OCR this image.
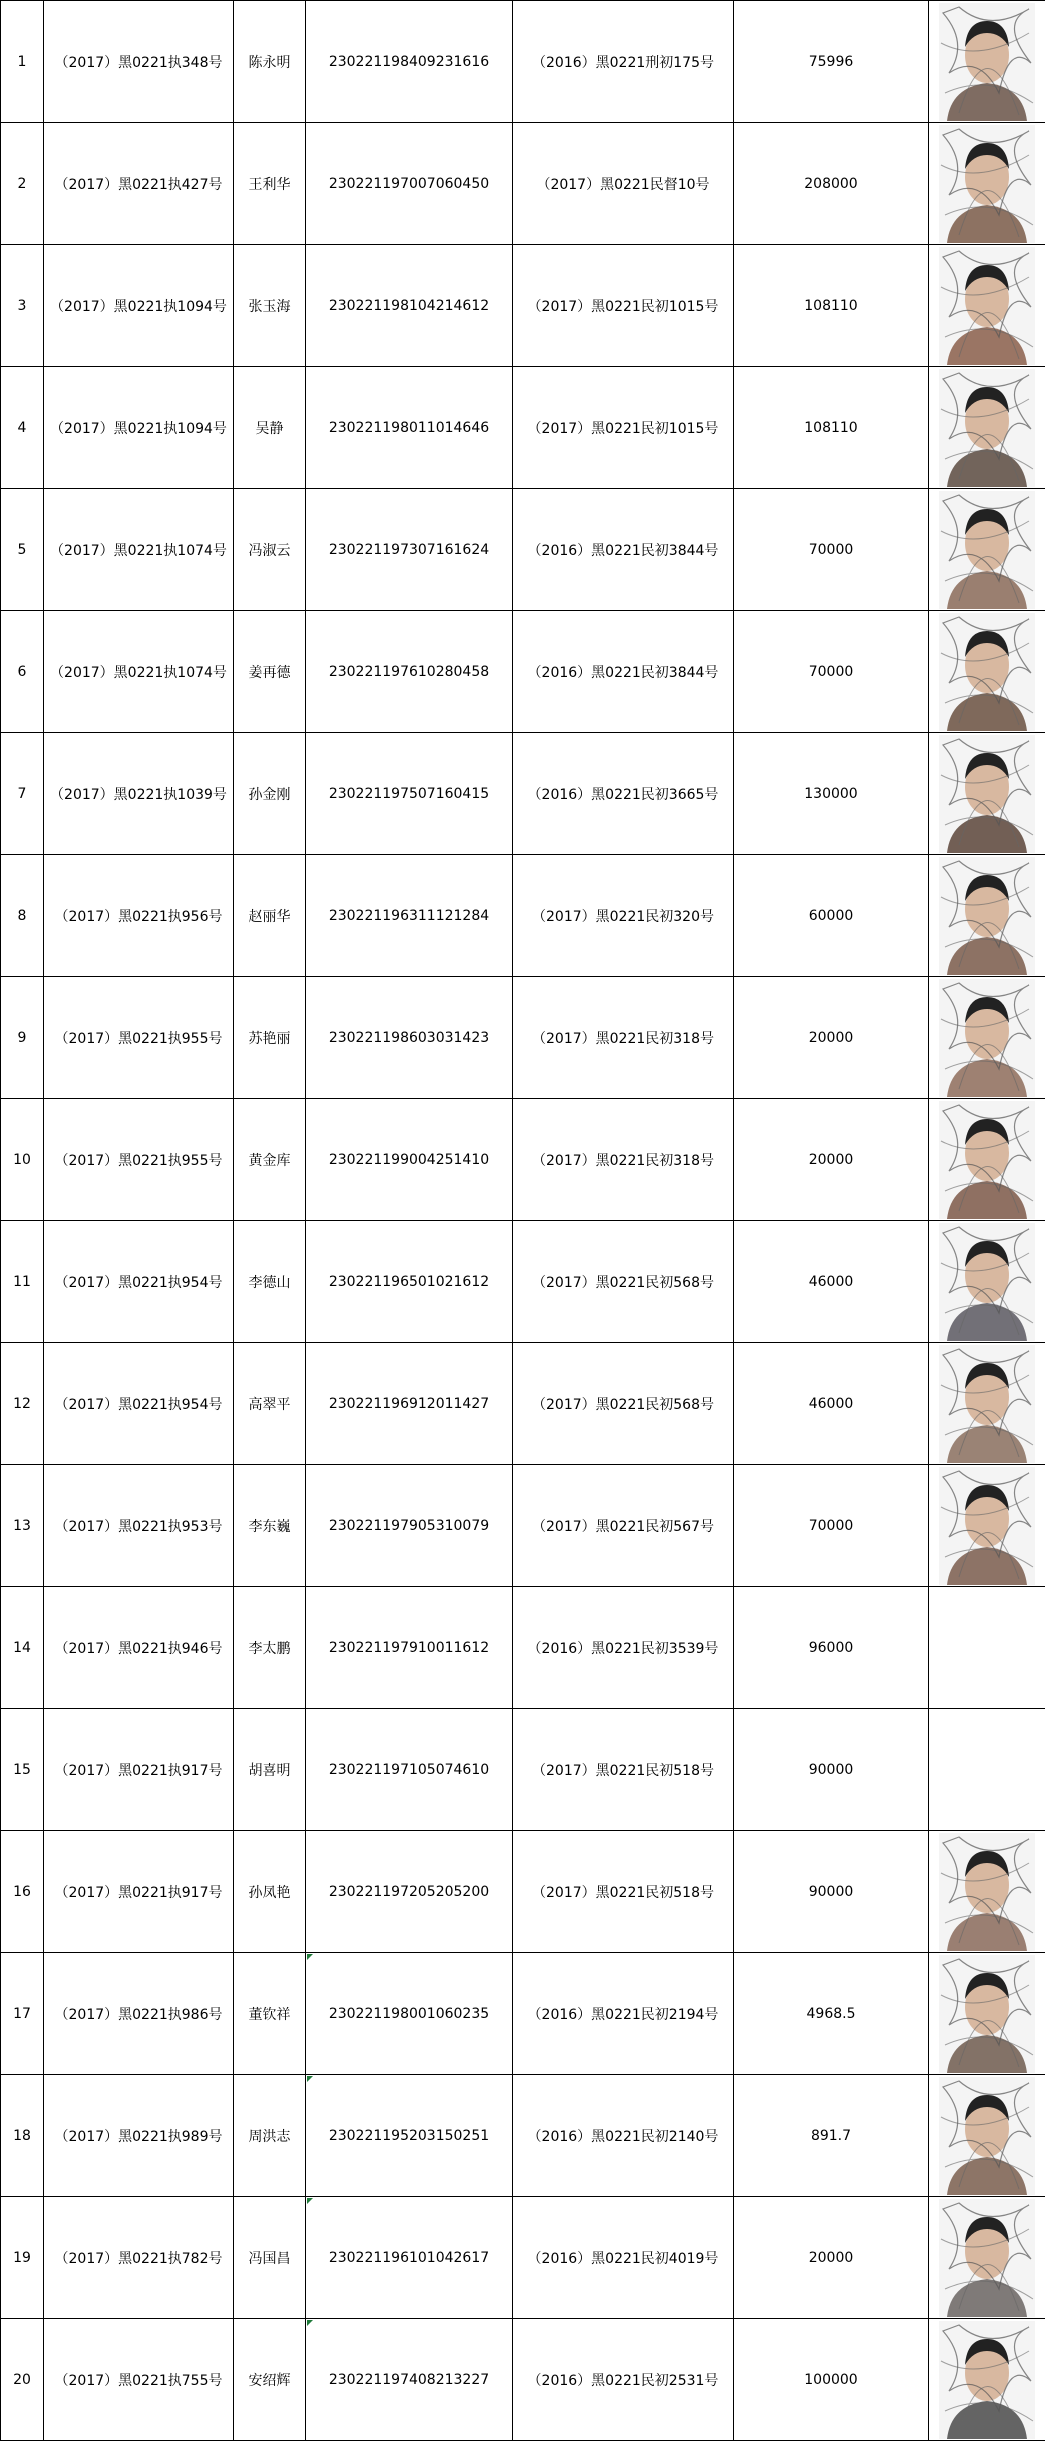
1	（2017）黑0221执348号	陈永明	230221198409231616	（2016）黑0221刑初175号	75996	

2	（2017）黑0221执427号	王利华	230221197007060450	（2017）黑0221民督10号	208000	

3	（2017）黑0221执1094号	张玉海	230221198104214612	（2017）黑0221民初1015号	108110	

4	（2017）黑0221执1094号	吴静	230221198011014646	（2017）黑0221民初1015号	108110	

5	（2017）黑0221执1074号	冯淑云	230221197307161624	（2016）黑0221民初3844号	70000	

6	（2017）黑0221执1074号	姜再德	230221197610280458	（2016）黑0221民初3844号	70000	

7	（2017）黑0221执1039号	孙金刚	230221197507160415	（2016）黑0221民初3665号	130000	

8	（2017）黑0221执956号	赵丽华	230221196311121284	（2017）黑0221民初320号	60000	

9	（2017）黑0221执955号	苏艳丽	230221198603031423	（2017）黑0221民初318号	20000	

10	（2017）黑0221执955号	黄金库	230221199004251410	（2017）黑0221民初318号	20000	

11	（2017）黑0221执954号	李德山	230221196501021612	（2017）黑0221民初568号	46000	

12	（2017）黑0221执954号	高翠平	230221196912011427	（2017）黑0221民初568号	46000	

13	（2017）黑0221执953号	李东巍	230221197905310079	（2017）黑0221民初567号	70000	

14	（2017）黑0221执946号	李太鹏	230221197910011612	（2016）黑0221民初3539号	96000	
15	（2017）黑0221执917号	胡喜明	230221197105074610	（2017）黑0221民初518号	90000	
16	（2017）黑0221执917号	孙凤艳	230221197205205200	（2017）黑0221民初518号	90000	

17	（2017）黑0221执986号	董钦祥	230221198001060235	（2016）黑0221民初2194号	4968.5	

18	（2017）黑0221执989号	周洪志	230221195203150251	（2016）黑0221民初2140号	891.7	

19	（2017）黑0221执782号	冯国昌	230221196101042617	（2016）黑0221民初4019号	20000	

20	（2017）黑0221执755号	安绍辉	230221197408213227	（2016）黑0221民初2531号	100000	
